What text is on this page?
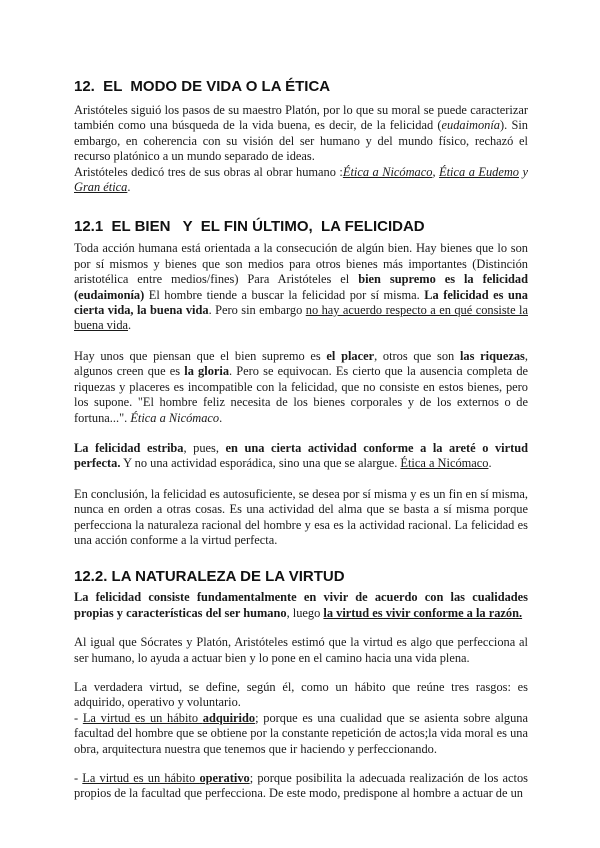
12.  EL  MODO DE VIDA O LA ÉTICA

Aristóteles siguió los pasos de su maestro Platón, por lo que su moral se puede caracterizar también como una búsqueda de la vida buena, es decir, de la felicidad (eudaimonía). Sin embargo, en coherencia con su visión del ser humano y del mundo físico, rechazó el recurso platónico a un mundo separado de ideas.

Aristóteles dedicó tres de sus obras al obrar humano :Ética a Nicómaco, Ética a Eudemo y Gran ética.

12.1  EL BIEN   Y  EL FIN ÚLTIMO,  LA FELICIDAD

Toda acción humana está orientada a la consecución de algún bien. Hay bienes que lo son por sí mismos y bienes que son medios para otros bienes más importantes (Distinción aristotélica entre medios/fines) Para Aristóteles el bien supremo es la felicidad (eudaimonía) El hombre tiende a buscar la felicidad por sí misma. La felicidad es una cierta vida, la buena vida. Pero sin embargo no hay acuerdo respecto a en qué consiste la buena vida.

Hay unos que piensan que el bien supremo es el placer, otros que son las riquezas, algunos creen que es la gloria. Pero se equivocan. Es cierto que la ausencia completa de riquezas y placeres es incompatible con la felicidad, que no consiste en estos bienes, pero los supone. "El hombre feliz necesita de los bienes corporales y de los externos o de fortuna...". Ética a Nicómaco.

La felicidad estriba, pues, en una cierta actividad conforme a la areté o virtud perfecta. Y no una actividad esporádica, sino una que se alargue. Ética a Nicómaco.

En conclusión, la felicidad es autosuficiente, se desea por sí misma y es un fin en sí misma, nunca en orden a otras cosas. Es una actividad del alma que se basta a sí misma porque perfecciona la naturaleza racional del hombre y esa es la actividad racional. La felicidad es una acción conforme a la virtud perfecta.

12.2. LA NATURALEZA DE LA VIRTUD

La felicidad consiste fundamentalmente en vivir de acuerdo con las cualidades propias y características del ser humano, luego la virtud es vivir conforme a la razón.

Al igual que Sócrates y Platón, Aristóteles estimó que la virtud es algo que perfecciona al ser humano, lo ayuda a actuar bien y lo pone en el camino hacia una vida plena.

La verdadera virtud, se define, según él, como un hábito que reúne tres rasgos: es adquirido, operativo y voluntario.

- La virtud es un hábito adquirido; porque es una cualidad que se asienta sobre alguna facultad del hombre que se obtiene por la constante repetición de actos;la vida moral es una obra, arquitectura nuestra que tenemos que ir haciendo y perfeccionando.

- La virtud es un hábito operativo; porque posibilita la adecuada realización de los actos propios de la facultad que perfecciona. De este modo, predispone al hombre a actuar de un
